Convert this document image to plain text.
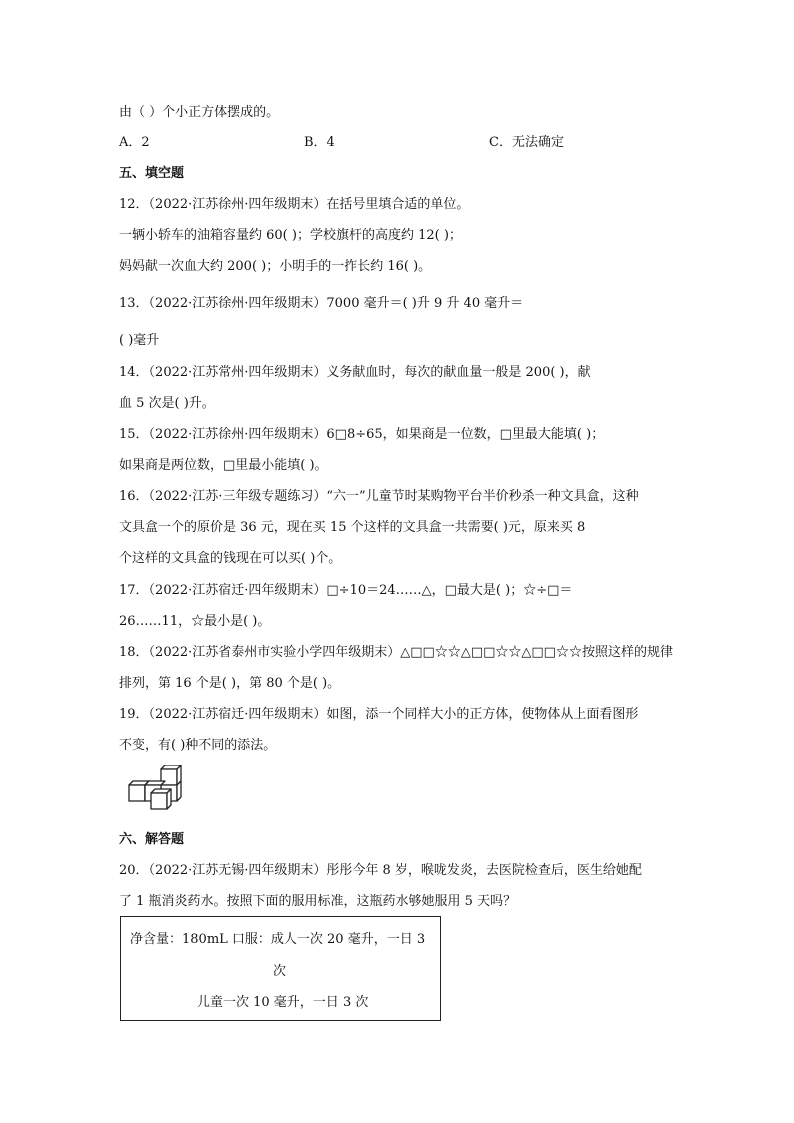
由（ ）个小正方体摆成的。
A．2	B．4	C．无法确定
五、填空题
12．（2022·江苏徐州·四年级期末）在括号里填合适的单位。
一辆小轿车的油箱容量约 60( )；学校旗杆的高度约 12( )；
妈妈献一次血大约 200( )；小明手的一拃长约 16( )。
13．（2022·江苏徐州·四年级期末）7000 毫升＝( )升 9 升 40 毫升＝
( )毫升
14．（2022·江苏常州·四年级期末）义务献血时，每次的献血量一般是 200( )，献
血 5 次是( )升。
15．（2022·江苏徐州·四年级期末）6□8÷65，如果商是一位数，□里最大能填( )；
如果商是两位数，□里最小能填( )。
16．（2022·江苏·三年级专题练习）“六一”儿童节时某购物平台半价秒杀一种文具盒，这种
文具盒一个的原价是 36 元，现在买 15 个这样的文具盒一共需要( )元，原来买 8
个这样的文具盒的钱现在可以买( )个。
17．（2022·江苏宿迁·四年级期末）□÷10＝24……△，□最大是( )；☆÷□＝
26……11，☆最小是( )。
18．（2022·江苏省泰州市实验小学四年级期末）△□□☆☆△□□☆☆△□□☆☆按照这样的规律
排列，第 16 个是( )，第 80 个是( )。
19．（2022·江苏宿迁·四年级期末）如图，添一个同样大小的正方体，使物体从上面看图形
不变，有( )种不同的添法。
六、解答题
20．（2022·江苏无锡·四年级期末）彤彤今年 8 岁，喉咙发炎，去医院检查后，医生给她配
了 1 瓶消炎药水。按照下面的服用标准，这瓶药水够她服用 5 天吗？
净含量：180mL 口服：成人一次 20 毫升，一日 3
次
儿童一次 10 毫升，一日 3 次
